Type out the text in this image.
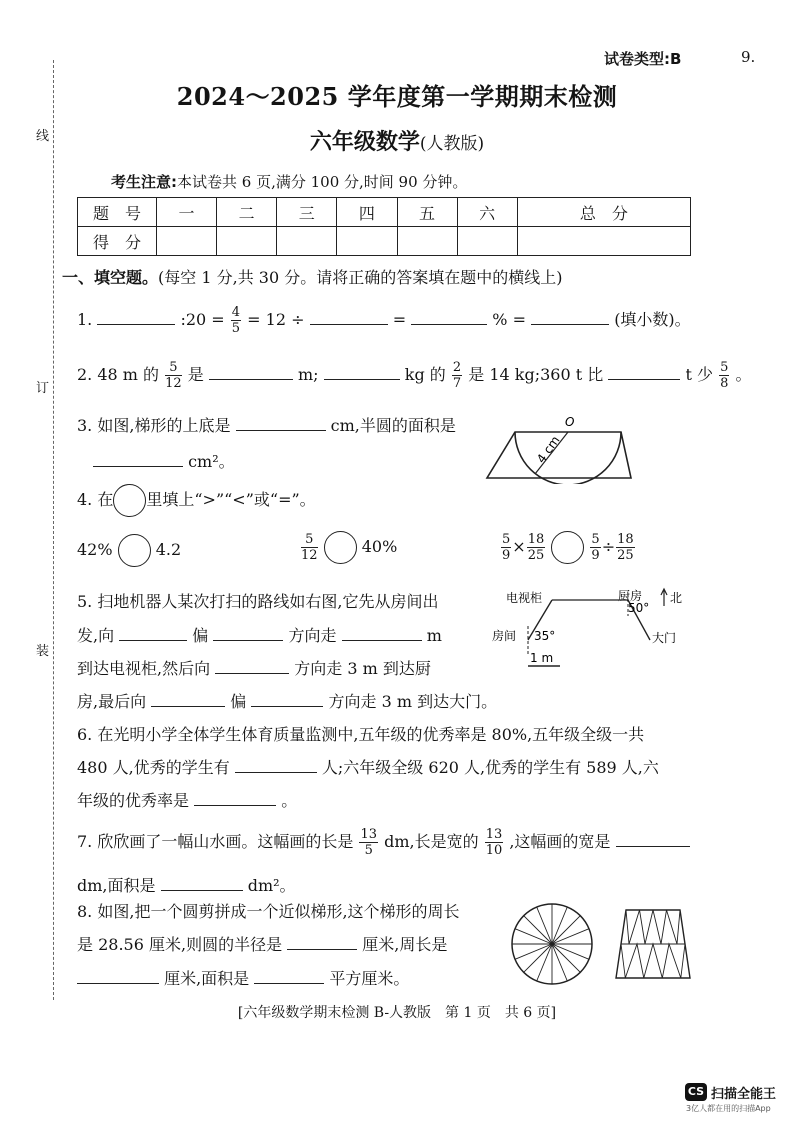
试卷类型:B	9.
2024～2025 学年度第一学期期末检测
六年级数学(人教版)
考生注意:本试卷共 6 页,满分 100 分,时间 90 分钟。
题　号	一	二	三	四	五	六	总　分
得　分							
线
订
装
一、填空题。(每空 1 分,共 30 分。请将正确的答案填在题中的横线上)
1.	:20 = $\frac{4}{5} = 12$ ÷	=	% =	(填小数)。
2. 48 m 的 $\frac{5}{12}$ 是	m;	kg 的 $\frac{2}{7}$ 是 14 kg;360 t 比	t 少 $\frac{5}{8}$ 。
3. 如图,梯形的上底是	cm,半圆的面积是
cm²。
O
4 cm
4. 在 里填上“>”“<”或“=”。
42%	4.2	$\frac{5}{12}$	40%	$\frac{5}{9} \times \frac{18}{25}$
	$\frac{5}{9} \div \frac{18}{25}$
5. 扫地机器人某次打扫的路线如右图,它先从房间出
发,向	偏	方向走	m
到达电视柜,然后向	方向走 3 m 到达厨
房,最后向	偏	方向走 3 m 到达大门。
电视柜	厨房 北
房间 35°
50°
大门
1 m
6. 在光明小学全体学生体育质量监测中,五年级的优秀率是 80%,五年级全级一共
480 人,优秀的学生有	人;六年级全级 620 人,优秀的学生有 589 人,六
年级的优秀率是	。
7. 欣欣画了一幅山水画。这幅画的长是 $\frac{13}{5}$ dm,长是宽的 $\frac{13}{10}$ ,这幅画的宽是
dm,面积是	dm²。
8. 如图,把一个圆剪拼成一个近似梯形,这个梯形的周长
是 28.56 厘米,则圆的半径是	厘米,周长是
厘米,面积是	平方厘米。
[六年级数学期末检测 B-人教版　第 1 页　共 6 页]
CS 扫描全能王
3亿人都在用的扫描App
